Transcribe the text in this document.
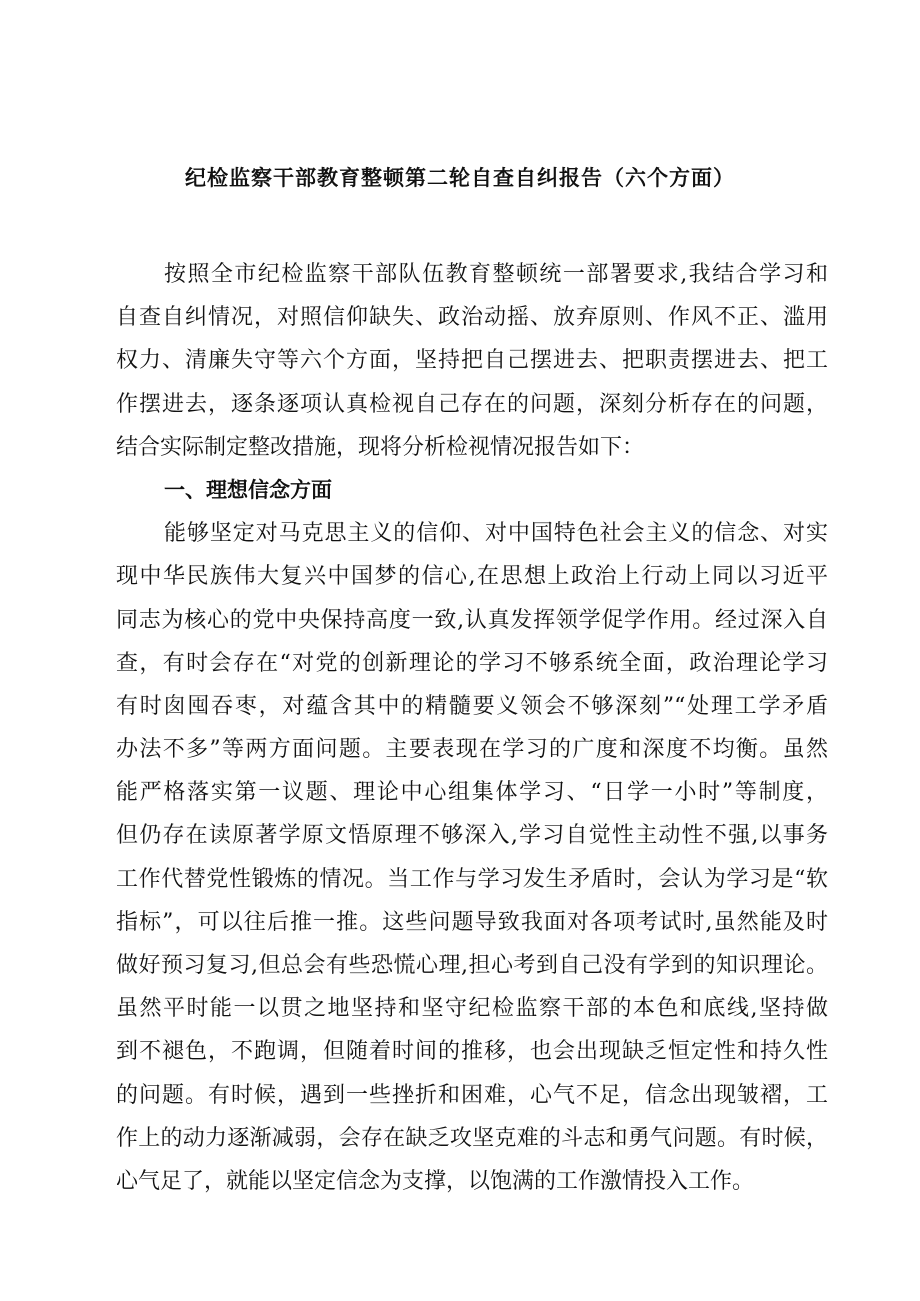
纪检监察干部教育整顿第二轮自查自纠报告（六个方面）
按照全市纪检监察干部队伍教育整顿统一部署要求,我结合学习和
自查自纠情况，对照信仰缺失、政治动摇、放弃原则、作风不正、滥用
权力、清廉失守等六个方面，坚持把自己摆进去、把职责摆进去、把工
作摆进去，逐条逐项认真检视自己存在的问题，深刻分析存在的问题，
结合实际制定整改措施，现将分析检视情况报告如下：
一、理想信念方面
能够坚定对马克思主义的信仰、对中国特色社会主义的信念、对实
现中华民族伟大复兴中国梦的信心,在思想上政治上行动上同以习近平
同志为核心的党中央保持高度一致,认真发挥领学促学作用。经过深入自
查，有时会存在“对党的创新理论的学习不够系统全面，政治理论学习
有时囱囤吞枣，对蕴含其中的精髓要义领会不够深刻”“处理工学矛盾
办法不多”等两方面问题。主要表现在学习的广度和深度不均衡。虽然
能严格落实第一议题、理论中心组集体学习、“日学一小时”等制度，
但仍存在读原著学原文悟原理不够深入,学习自觉性主动性不强,以事务
工作代替党性锻炼的情况。当工作与学习发生矛盾时，会认为学习是“软
指标”，可以往后推一推。这些问题导致我面对各项考试时,虽然能及时
做好预习复习,但总会有些恐慌心理,担心考到自己没有学到的知识理论。
虽然平时能一以贯之地坚持和坚守纪检监察干部的本色和底线,坚持做
到不褪色，不跑调，但随着时间的推移，也会出现缺乏恒定性和持久性
的问题。有时候，遇到一些挫折和困难，心气不足，信念出现皱褶，工
作上的动力逐渐减弱，会存在缺乏攻坚克难的斗志和勇气问题。有时候，
心气足了，就能以坚定信念为支撑，以饱满的工作激情投入工作。
